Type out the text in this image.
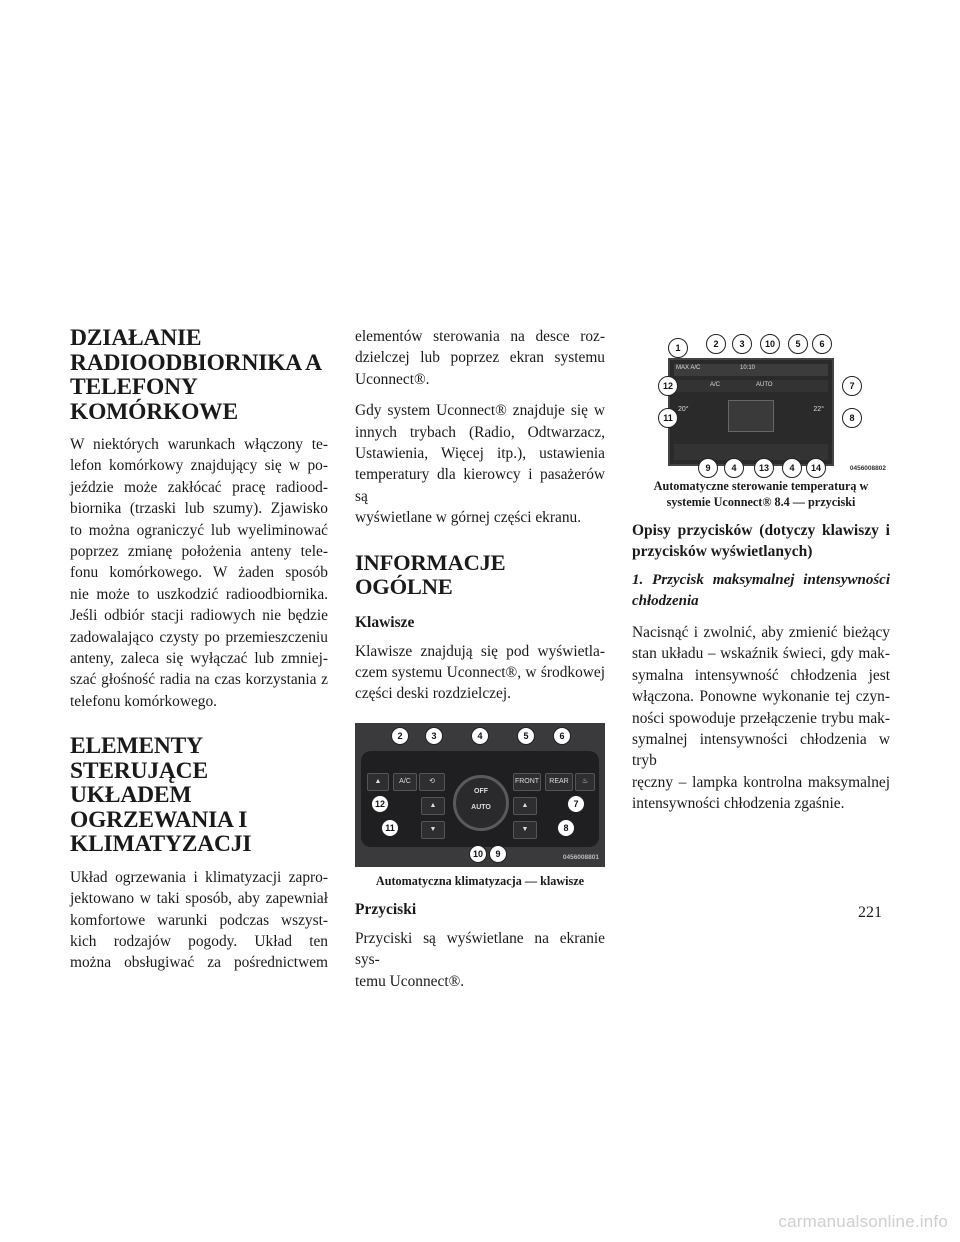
DZIAŁANIE
RADIOODBIORNIKA A
TELEFONY
KOMÓRKOWE

W niektórych warunkach włączony te-
lefon komórkowy znajdujący się w po-
jeździe może zakłócać pracę radiood-
biornika (trzaski lub szumy). Zjawisko
to można ograniczyć lub wyeliminować
poprzez zmianę położenia anteny tele-
fonu komórkowego. W żaden sposób
nie może to uszkodzić radioodbiornika.
Jeśli odbiór stacji radiowych nie będzie
zadowalająco czysty po przemieszczeniu
anteny, zaleca się wyłączać lub zmniej-
szać głośność radia na czas korzystania z
telefonu komórkowego.

ELEMENTY STERUJĄCE
UKŁADEM
OGRZEWANIA I
KLIMATYZACJI

Układ ogrzewania i klimatyzacji zapro-
jektowano w taki sposób, aby zapewniał
komfortowe warunki podczas wszyst-
kich rodzajów pogody. Układ ten
można obsługiwać za pośrednictwem

elementów sterowania na desce roz-
dzielczej lub poprzez ekran systemu
Uconnect®.

Gdy system Uconnect® znajduje się w
innych trybach (Radio, Odtwarzacz,
Ustawienia, Więcej itp.), ustawienia
temperatury dla kierowcy i pasażerów są
wyświetlane w górnej części ekranu.

INFORMACJE OGÓLNE
Klawisze

Klawisze znajdują się pod wyświetla-
czem systemu Uconnect®, w środkowej
części deski rozdzielczej.

▲	A/C	⟲
▲
▼
FRONT	REAR	♨
▲
▼
OFF
AUTO
2	3	4	5	6
12	7
11	8
10	9	0456008801
Automatyczna klimatyzacja — klawisze
Przyciski

Przyciski są wyświetlane na ekranie sys-
temu Uconnect®.

MAX A/C
A/C
10:10
AUTO
20°	22°
1	2	3	10	5	6
12	7
11	8
9	4	13	4	14	0456008802
Automatyczne sterowanie temperaturą w
systemie Uconnect® 8.4 — przyciski
Opisy przycisków (dotyczy klawiszy i
przycisków wyświetlanych)
1. Przycisk maksymalnej intensywności
chłodzenia

Nacisnąć i zwolnić, aby zmienić bieżący
stan układu – wskaźnik świeci, gdy mak-
symalna intensywność chłodzenia jest
włączona. Ponowne wykonanie tej czyn-
ności spowoduje przełączenie trybu mak-
symalnej intensywności chłodzenia w tryb
ręczny – lampka kontrolna maksymalnej
intensywności chłodzenia zgaśnie.

221
carmanualsonline.info
